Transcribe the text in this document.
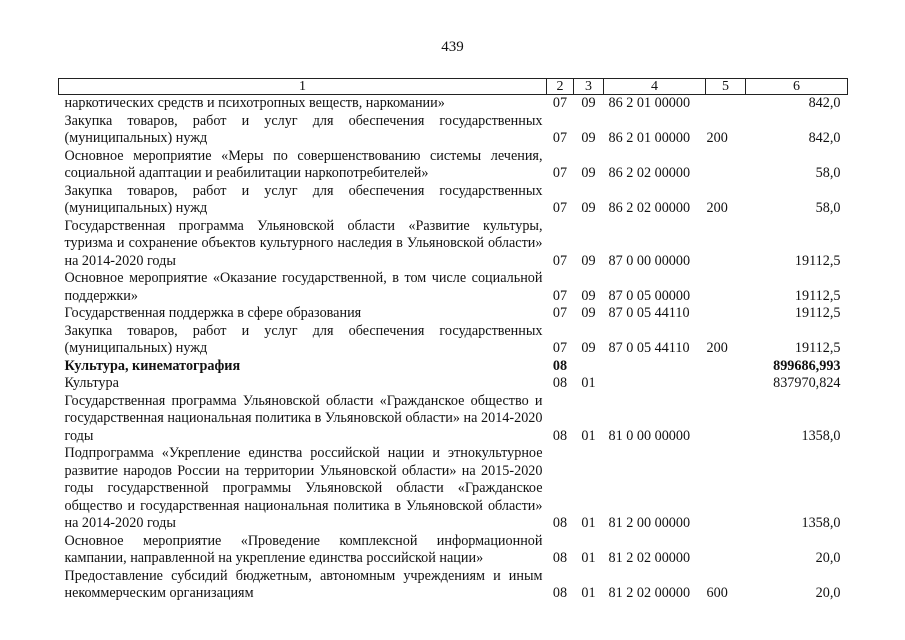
439
1	2	3	4	5	6
наркотических средств и психотропных веществ, наркомании»	07	09	86 2 01 00000		842,0
Закупка товаров, работ и услуг для обеспечения государственных (муниципальных) нужд	07	09	86 2 01 00000	200	842,0
Основное мероприятие «Меры по совершенствованию системы лечения, социальной адаптации и реабилитации наркопотребителей»	07	09	86 2 02 00000		58,0
Закупка товаров, работ и услуг для обеспечения государственных (муниципальных) нужд	07	09	86 2 02 00000	200	58,0
Государственная программа Ульяновской области «Развитие культуры, туризма и сохранение объектов культурного наследия в Ульяновской области» на 2014-2020 годы	07	09	87 0 00 00000		19112,5
Основное мероприятие «Оказание государственной, в том числе социальной поддержки»	07	09	87 0 05 00000		19112,5
Государственная поддержка в сфере образования	07	09	87 0 05 44110		19112,5
Закупка товаров, работ и услуг для обеспечения государственных (муниципальных) нужд	07	09	87 0 05 44110	200	19112,5
Культура, кинематография	08				899686,993
Культура	08	01			837970,824
Государственная программа Ульяновской области «Гражданское общество и государственная национальная политика в Ульяновской области» на 2014-2020 годы	08	01	81 0 00 00000		1358,0
Подпрограмма «Укрепление единства российской нации и этнокультурное развитие народов России на территории Ульяновской области» на 2015-2020 годы государственной программы Ульяновской области «Гражданское общество и государственная национальная политика в Ульяновской области» на 2014-2020 годы	08	01	81 2 00 00000		1358,0
Основное мероприятие «Проведение комплексной информационной кампании, направленной на укрепление единства российской нации»	08	01	81 2 02 00000		20,0
Предоставление субсидий бюджетным, автономным учреждениям и иным некоммерческим организациям	08	01	81 2 02 00000	600	20,0
